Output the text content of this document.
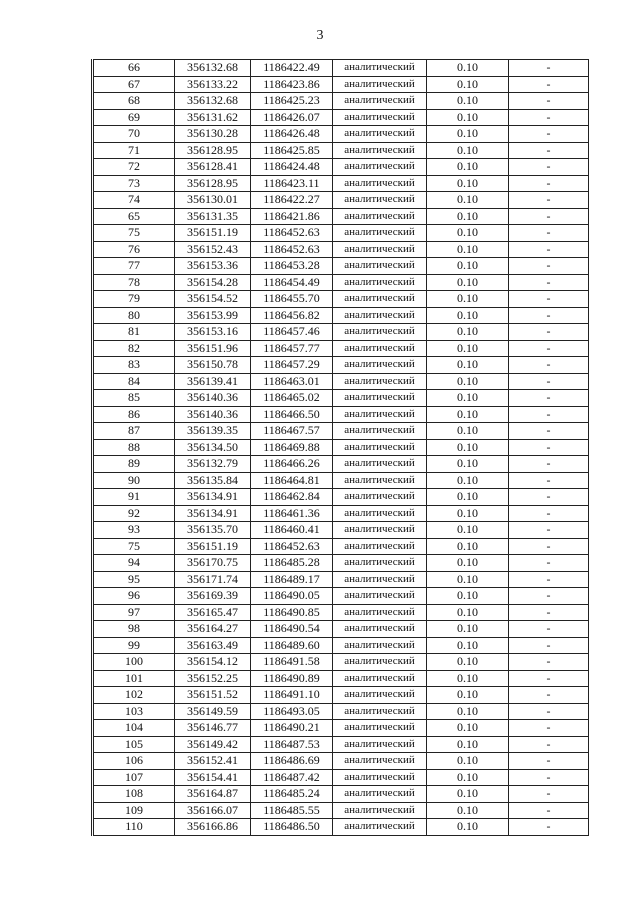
3
66	356132.68	1186422.49	аналитический	0.10	-
67	356133.22	1186423.86	аналитический	0.10	-
68	356132.68	1186425.23	аналитический	0.10	-
69	356131.62	1186426.07	аналитический	0.10	-
70	356130.28	1186426.48	аналитический	0.10	-
71	356128.95	1186425.85	аналитический	0.10	-
72	356128.41	1186424.48	аналитический	0.10	-
73	356128.95	1186423.11	аналитический	0.10	-
74	356130.01	1186422.27	аналитический	0.10	-
65	356131.35	1186421.86	аналитический	0.10	-
75	356151.19	1186452.63	аналитический	0.10	-
76	356152.43	1186452.63	аналитический	0.10	-
77	356153.36	1186453.28	аналитический	0.10	-
78	356154.28	1186454.49	аналитический	0.10	-
79	356154.52	1186455.70	аналитический	0.10	-
80	356153.99	1186456.82	аналитический	0.10	-
81	356153.16	1186457.46	аналитический	0.10	-
82	356151.96	1186457.77	аналитический	0.10	-
83	356150.78	1186457.29	аналитический	0.10	-
84	356139.41	1186463.01	аналитический	0.10	-
85	356140.36	1186465.02	аналитический	0.10	-
86	356140.36	1186466.50	аналитический	0.10	-
87	356139.35	1186467.57	аналитический	0.10	-
88	356134.50	1186469.88	аналитический	0.10	-
89	356132.79	1186466.26	аналитический	0.10	-
90	356135.84	1186464.81	аналитический	0.10	-
91	356134.91	1186462.84	аналитический	0.10	-
92	356134.91	1186461.36	аналитический	0.10	-
93	356135.70	1186460.41	аналитический	0.10	-
75	356151.19	1186452.63	аналитический	0.10	-
94	356170.75	1186485.28	аналитический	0.10	-
95	356171.74	1186489.17	аналитический	0.10	-
96	356169.39	1186490.05	аналитический	0.10	-
97	356165.47	1186490.85	аналитический	0.10	-
98	356164.27	1186490.54	аналитический	0.10	-
99	356163.49	1186489.60	аналитический	0.10	-
100	356154.12	1186491.58	аналитический	0.10	-
101	356152.25	1186490.89	аналитический	0.10	-
102	356151.52	1186491.10	аналитический	0.10	-
103	356149.59	1186493.05	аналитический	0.10	-
104	356146.77	1186490.21	аналитический	0.10	-
105	356149.42	1186487.53	аналитический	0.10	-
106	356152.41	1186486.69	аналитический	0.10	-
107	356154.41	1186487.42	аналитический	0.10	-
108	356164.87	1186485.24	аналитический	0.10	-
109	356166.07	1186485.55	аналитический	0.10	-
110	356166.86	1186486.50	аналитический	0.10	-
